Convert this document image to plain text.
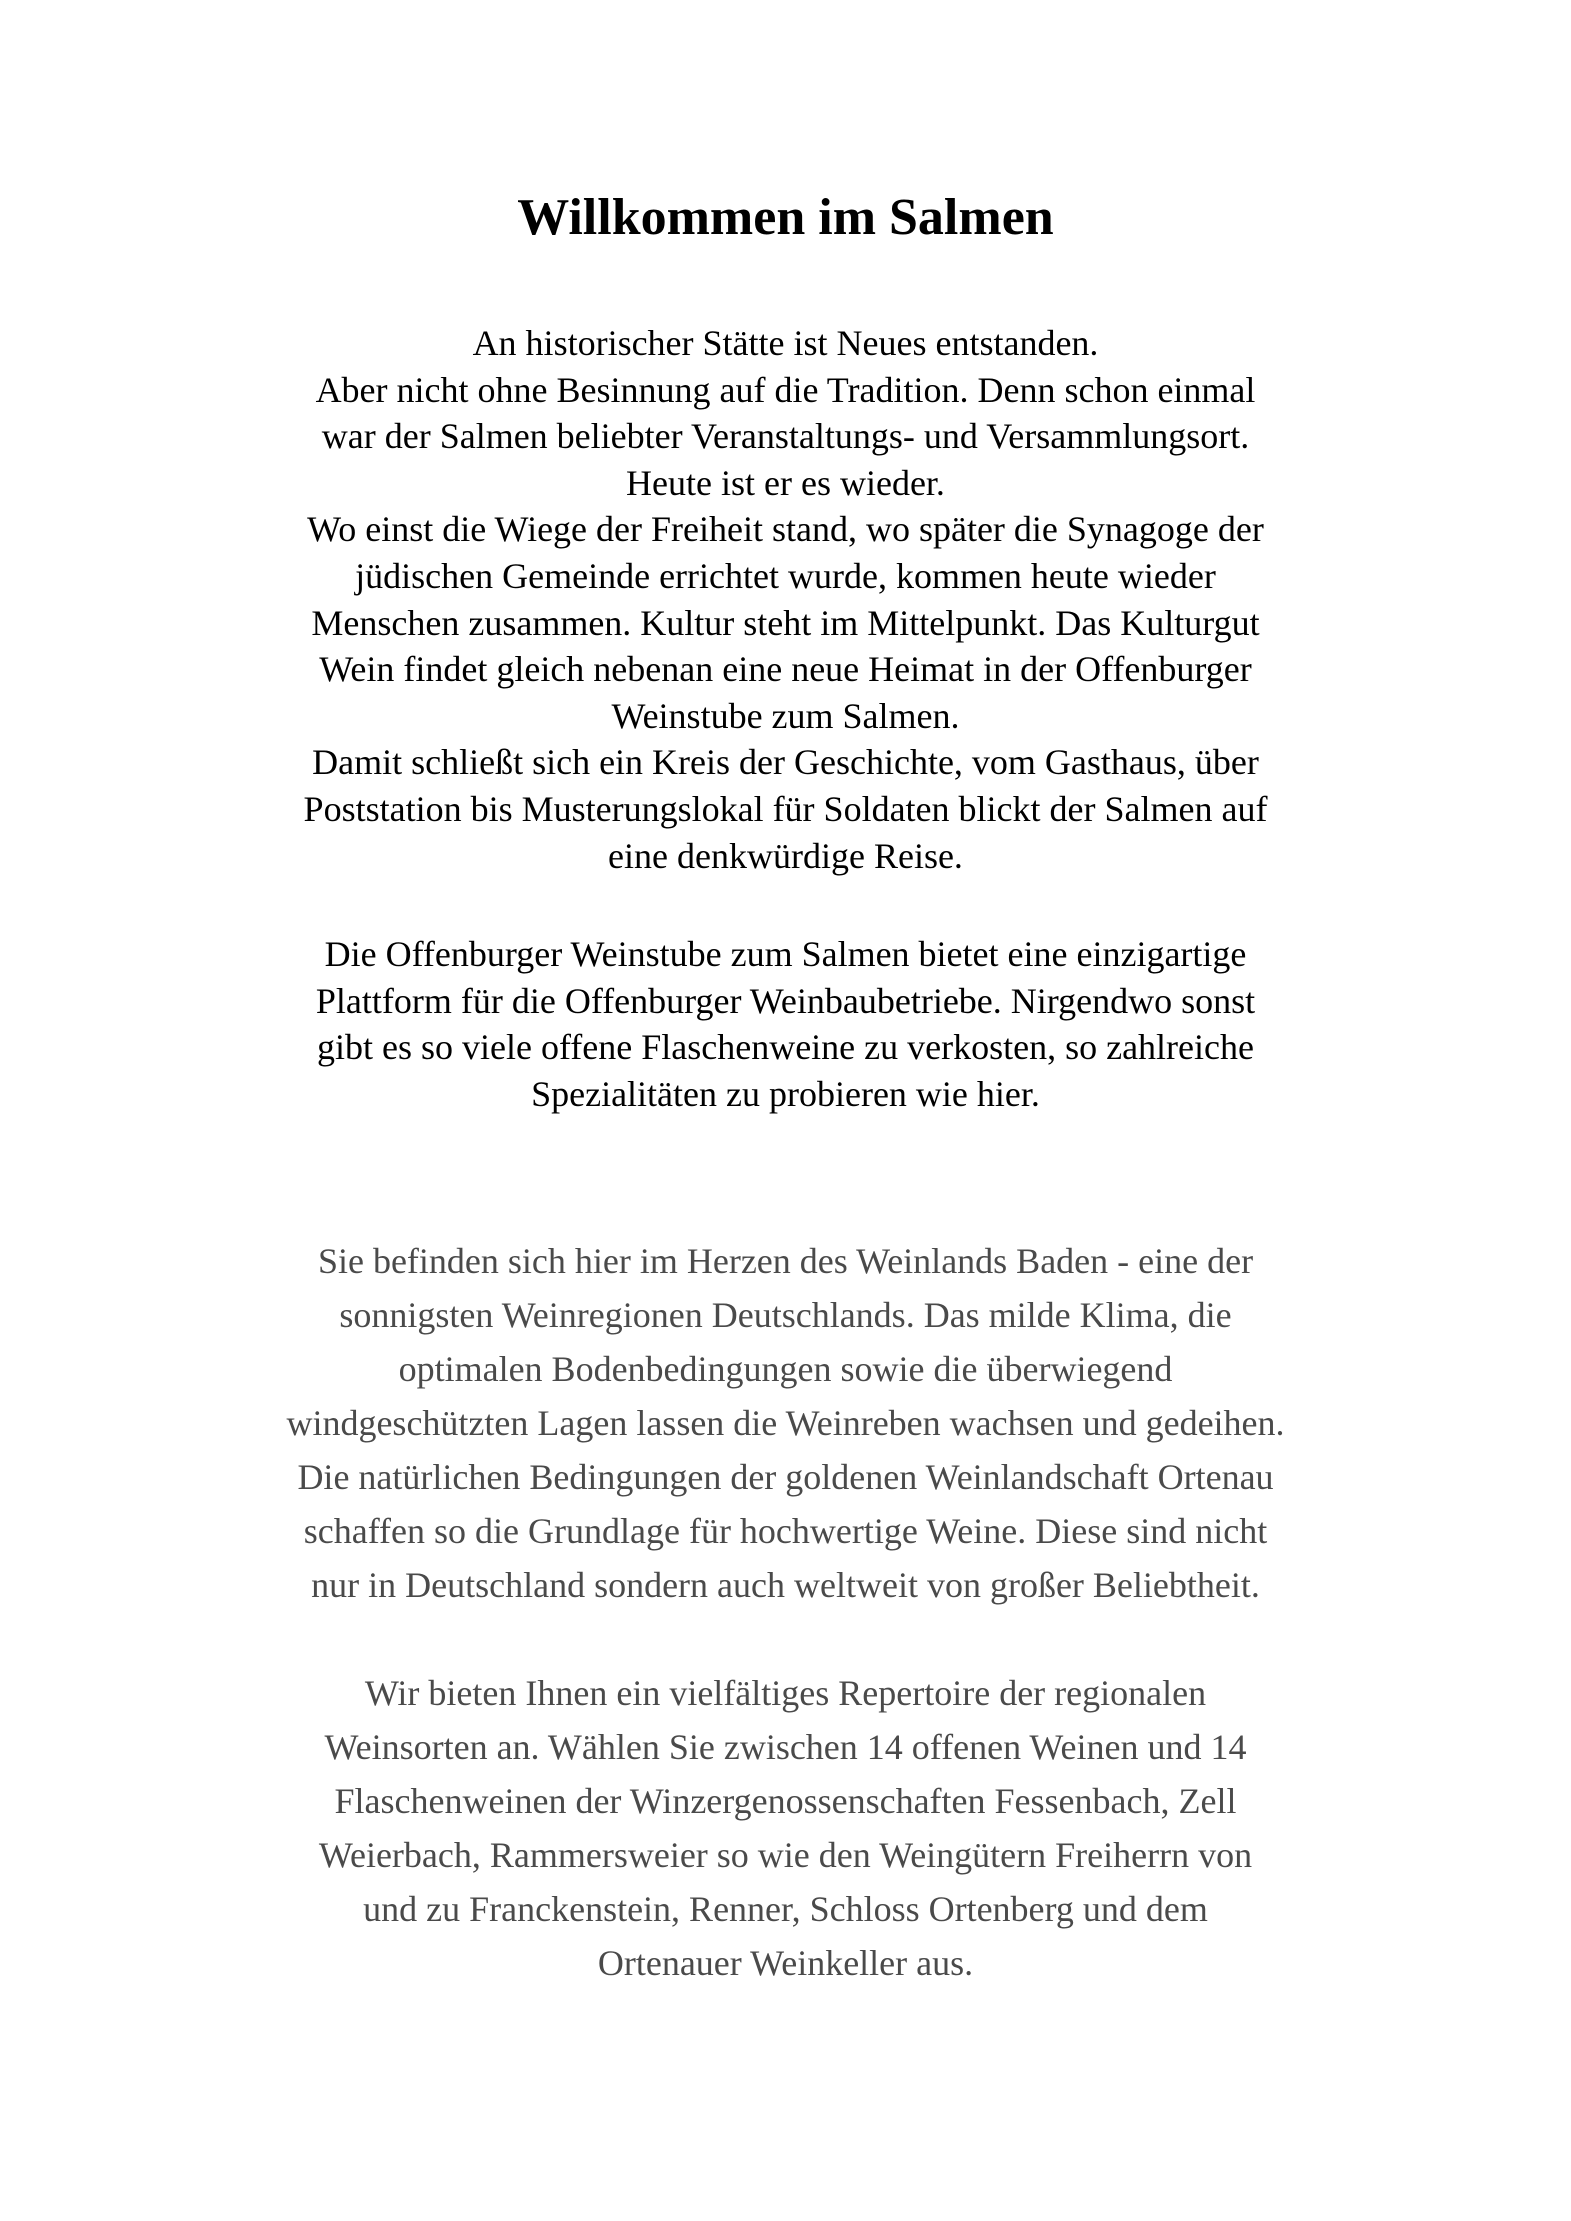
Willkommen im Salmen

An historischer Stätte ist Neues entstanden.
Aber nicht ohne Besinnung auf die Tradition. Denn schon einmal
war der Salmen beliebter Veranstaltungs- und Versammlungsort.
Heute ist er es wieder.
Wo einst die Wiege der Freiheit stand, wo später die Synagoge der
jüdischen Gemeinde errichtet wurde, kommen heute wieder
Menschen zusammen. Kultur steht im Mittelpunkt. Das Kulturgut
Wein findet gleich nebenan eine neue Heimat in der Offenburger
Weinstube zum Salmen.
Damit schließt sich ein Kreis der Geschichte, vom Gasthaus, über
Poststation bis Musterungslokal für Soldaten blickt der Salmen auf
eine denkwürdige Reise.

Die Offenburger Weinstube zum Salmen bietet eine einzigartige
Plattform für die Offenburger Weinbaubetriebe. Nirgendwo sonst
gibt es so viele offene Flaschenweine zu verkosten, so zahlreiche
Spezialitäten zu probieren wie hier.

Sie befinden sich hier im Herzen des Weinlands Baden - eine der
sonnigsten Weinregionen Deutschlands. Das milde Klima, die
optimalen Bodenbedingungen sowie die überwiegend
windgeschützten Lagen lassen die Weinreben wachsen und gedeihen.
Die natürlichen Bedingungen der goldenen Weinlandschaft Ortenau
schaffen so die Grundlage für hochwertige Weine. Diese sind nicht
nur in Deutschland sondern auch weltweit von großer Beliebtheit.

Wir bieten Ihnen ein vielfältiges Repertoire der regionalen
Weinsorten an. Wählen Sie zwischen 14 offenen Weinen und 14
Flaschenweinen der Winzergenossenschaften Fessenbach, Zell
Weierbach, Rammersweier so wie den Weingütern Freiherrn von
und zu Franckenstein, Renner, Schloss Ortenberg und dem
Ortenauer Weinkeller aus.
